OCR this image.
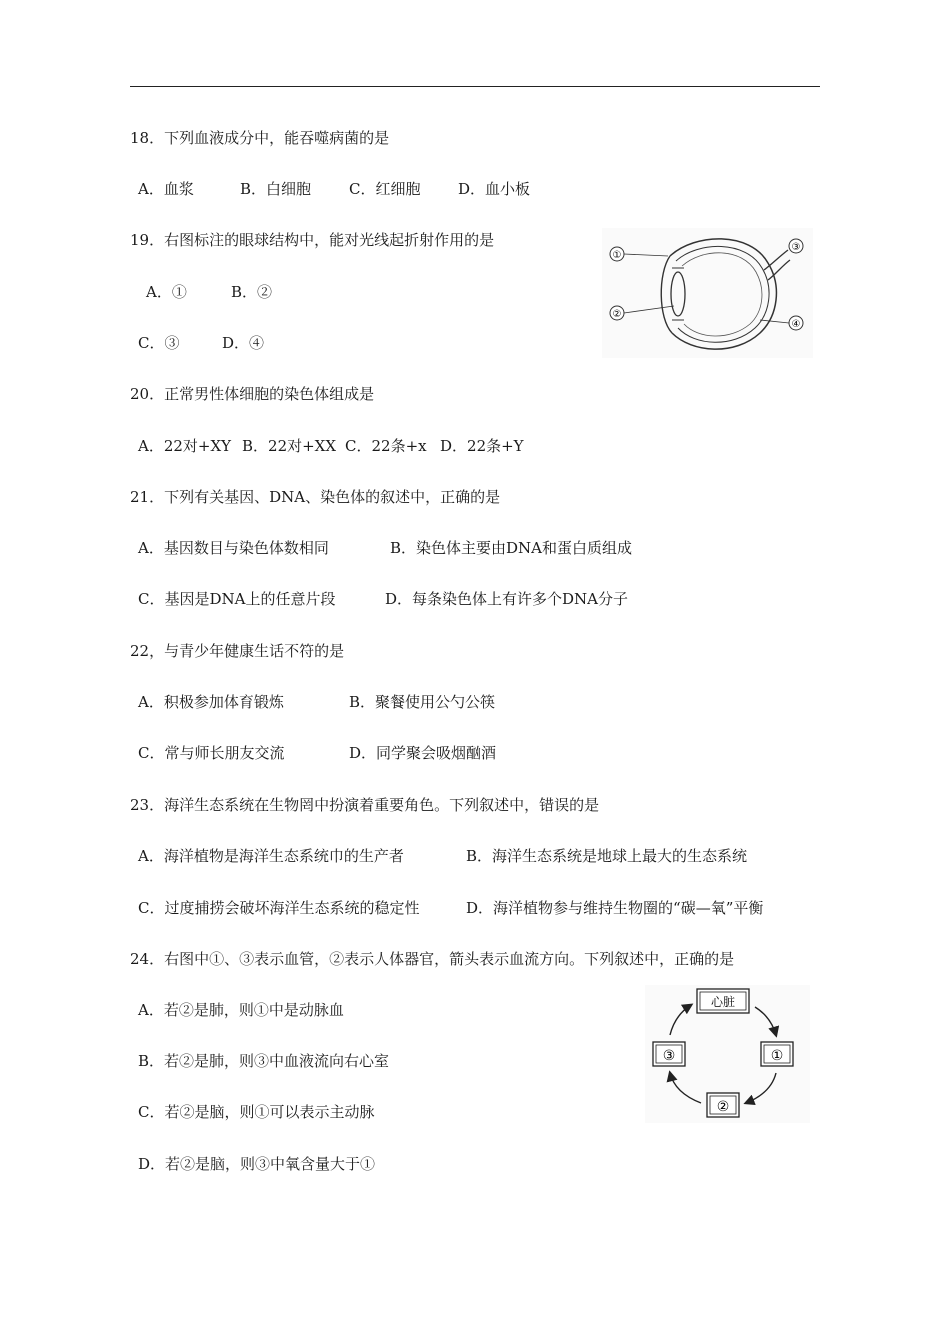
18．下列血液成分中，能吞噬病菌的是
A．血浆	B．白细胞	C．红细胞	D．血小板
19．右图标注的眼球结构中，能对光线起折射作用的是
A．①	B．②
C．③	D．④
①
②
③
④
20．正常男性体细胞的染色体组成是
A．22对+XY B．22对+XX C．22条+x D．22条+Y
21．下列有关基因、DNA、染色体的叙述中，正确的是
A．基因数目与染色体数相同	B．染色体主要由DNA和蛋白质组成
C．基因是DNA上的任意片段	D．每条染色体上有许多个DNA分子
22，与青少年健康生话不符的是
A．积极参加体育锻炼	B．聚餐使用公勺公筷
C．常与师长朋友交流	D．同学聚会吸烟酗酒
23．海洋生态系统在生物罔中扮演着重要角色。下列叙述中，错误的是
A．海洋植物是海洋生态系统巾的生产者	B．海洋生态系统是地球上最大的生态系统
C．过度捕捞会破坏海洋生态系统的稳定性	D．海洋植物参与维持生物圈的“碳—氧”平衡
24．右图中①、③表示血管，②表示人体器官，箭头表示血流方向。下列叙述中，正确的是
A．若②是肺，则①中是动脉血
B．若②是肺，则③中血液流向右心室
C．若②是脑，则①可以表示主动脉
D．若②是脑，则③中氧含量大于①
心脏
①
②
③
